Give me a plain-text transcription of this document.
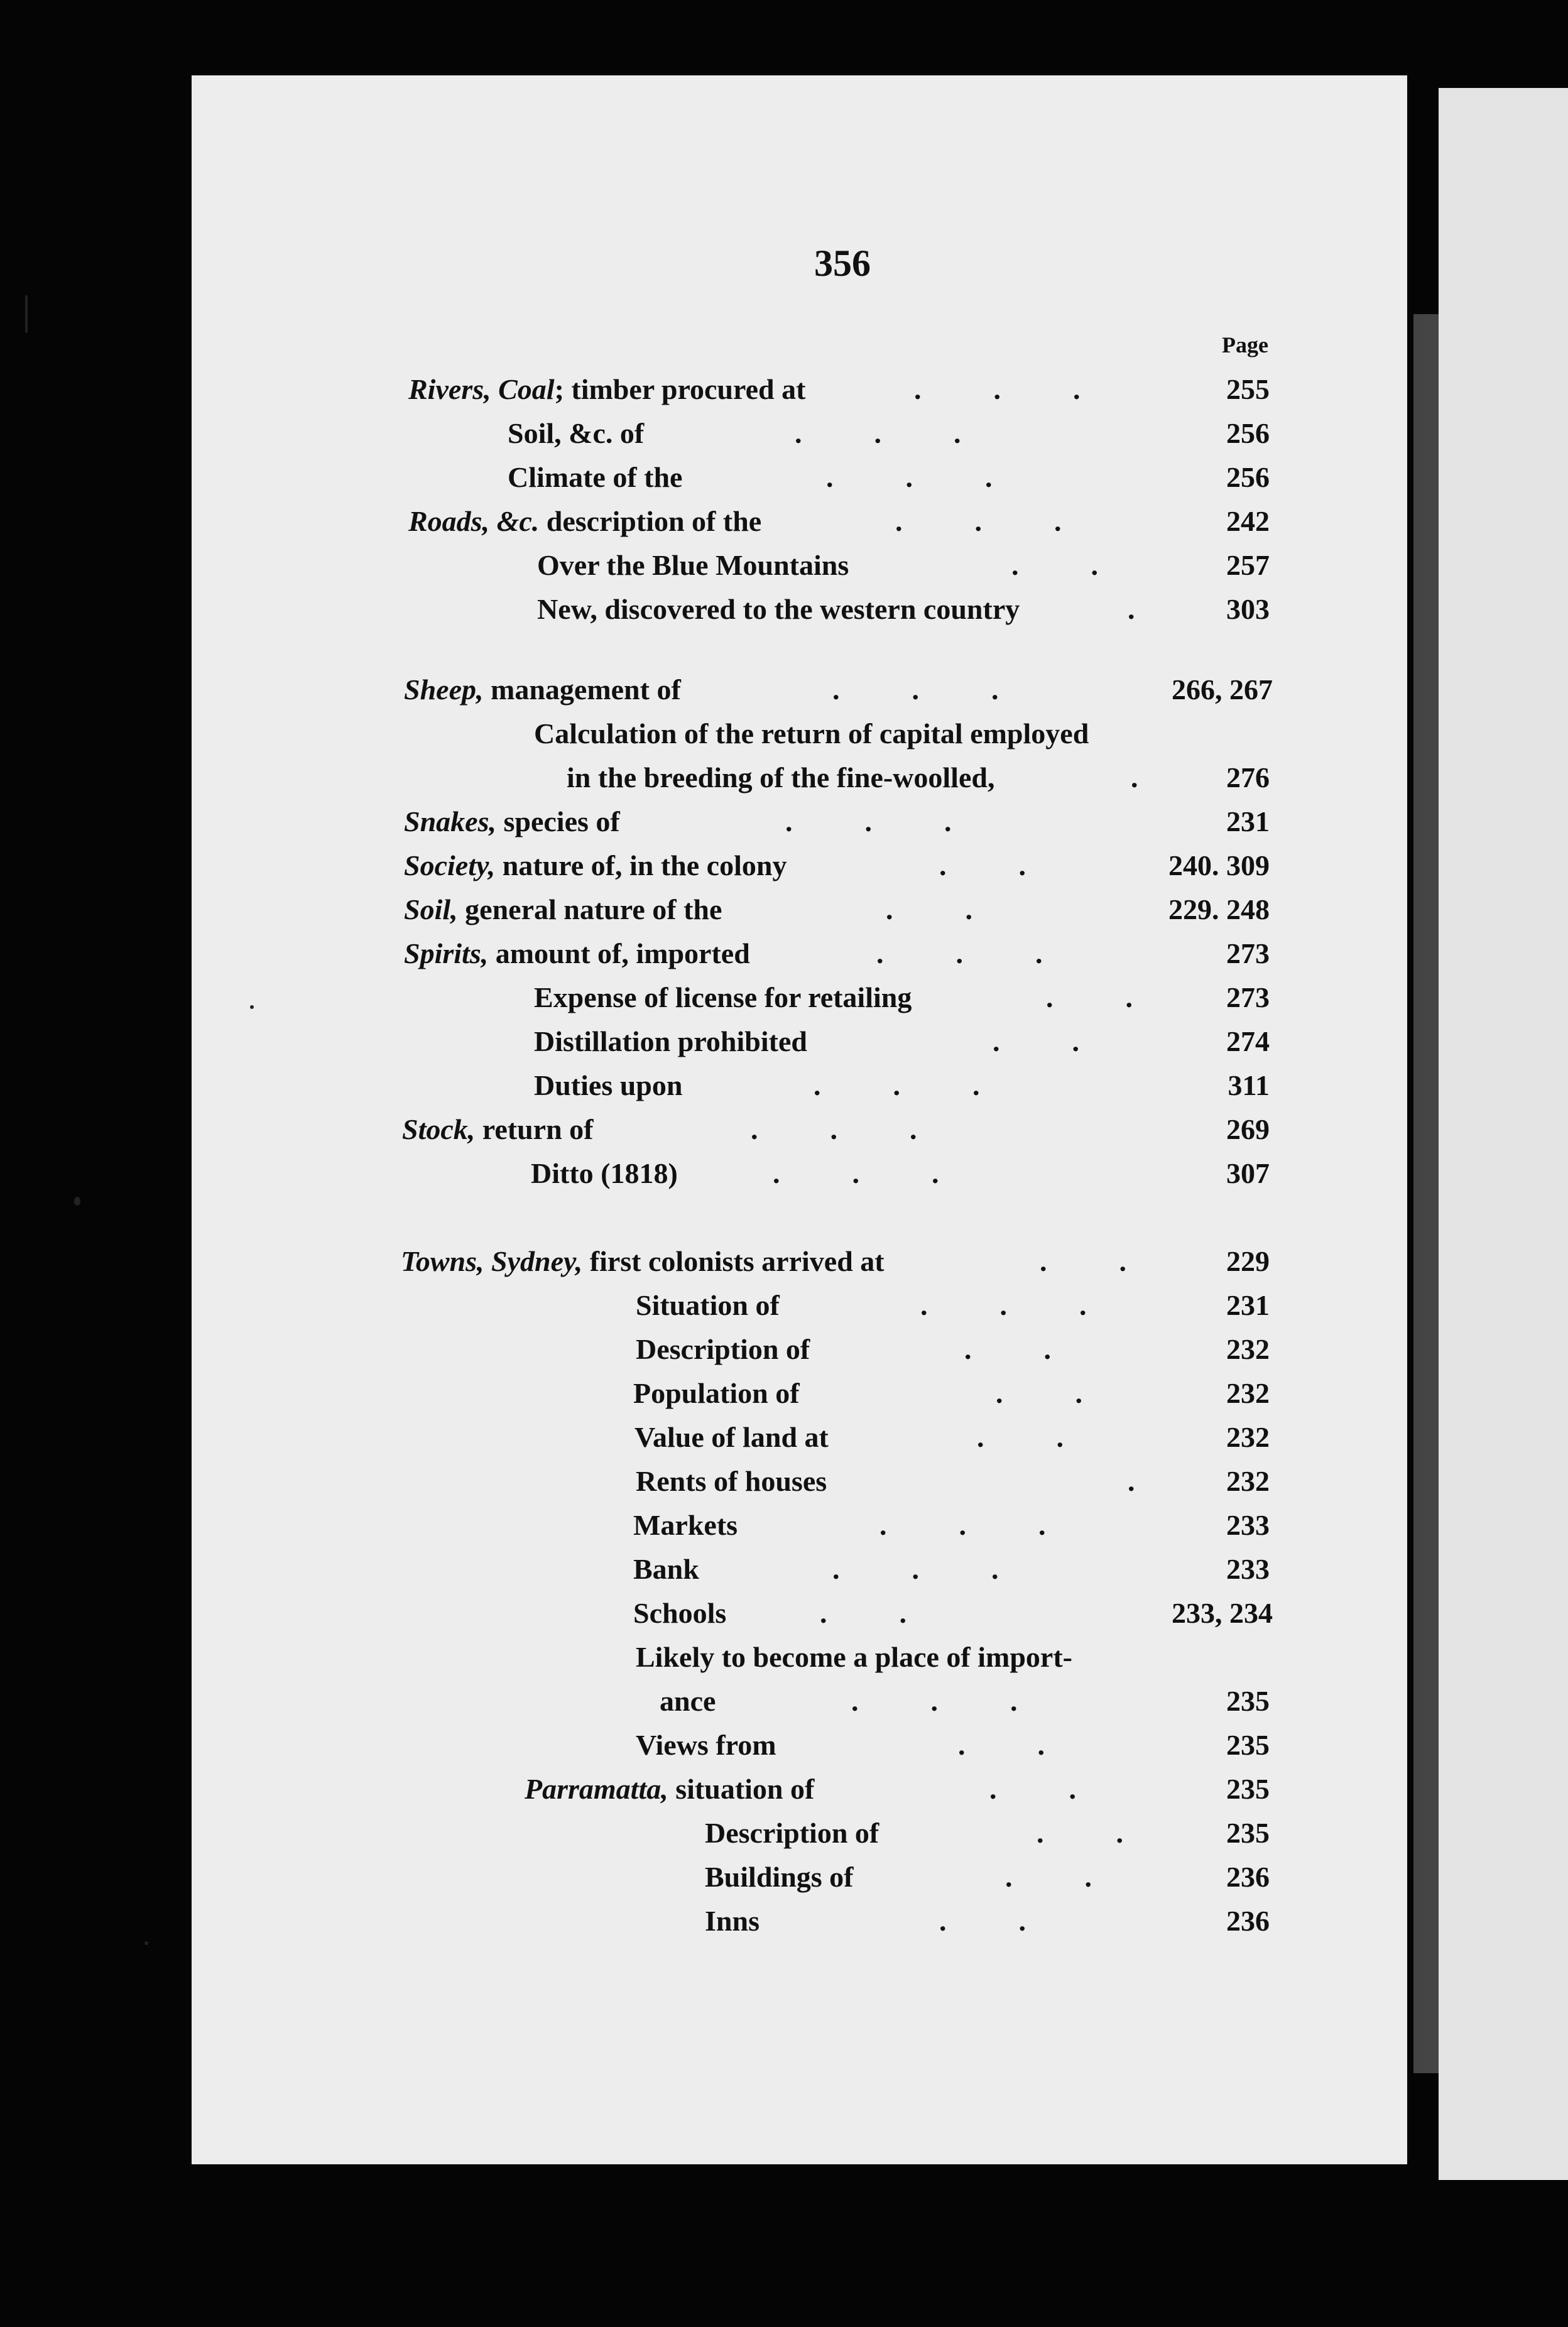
356
Page
Rivers, Coal; timber procured at	.          .          .	255
Soil, &c. of	.          .          .	256
Climate of the	.          .          .	256
Roads, &c. description of the	.          .          .	242
Over the Blue Mountains	.          .	257
New, discovered to the western country	.	303
Sheep, management of	.          .          .	266, 267
Calculation of the return of capital employed
in the breeding of the fine-woolled,	.	276
Snakes, species of	.          .          .	231
Society, nature of, in the colony	.          .	240. 309
Soil, general nature of the	.          .	229. 248
Spirits, amount of, imported	.          .          .	273
Expense of license for retailing	.          .	273
Distillation prohibited	.          .	274
Duties upon	.          .          .	311
Stock, return of	.          .          .	269
Ditto (1818)	.          .          .	307
Towns, Sydney, first colonists arrived at	.          .	229
Situation of	.          .          .	231
Description of	.          .	232
Population of	.          .	232
Value of land at	.          .	232
Rents of houses	.	232
Markets	.          .          .	233
Bank	.          .          .	233
Schools	.          .	233, 234
Likely to become a place of import-
ance	.          .          .	235
Views from	.          .	235
Parramatta, situation of	.          .	235
Description of	.          .	235
Buildings of	.          .	236
Inns	.          .	236
